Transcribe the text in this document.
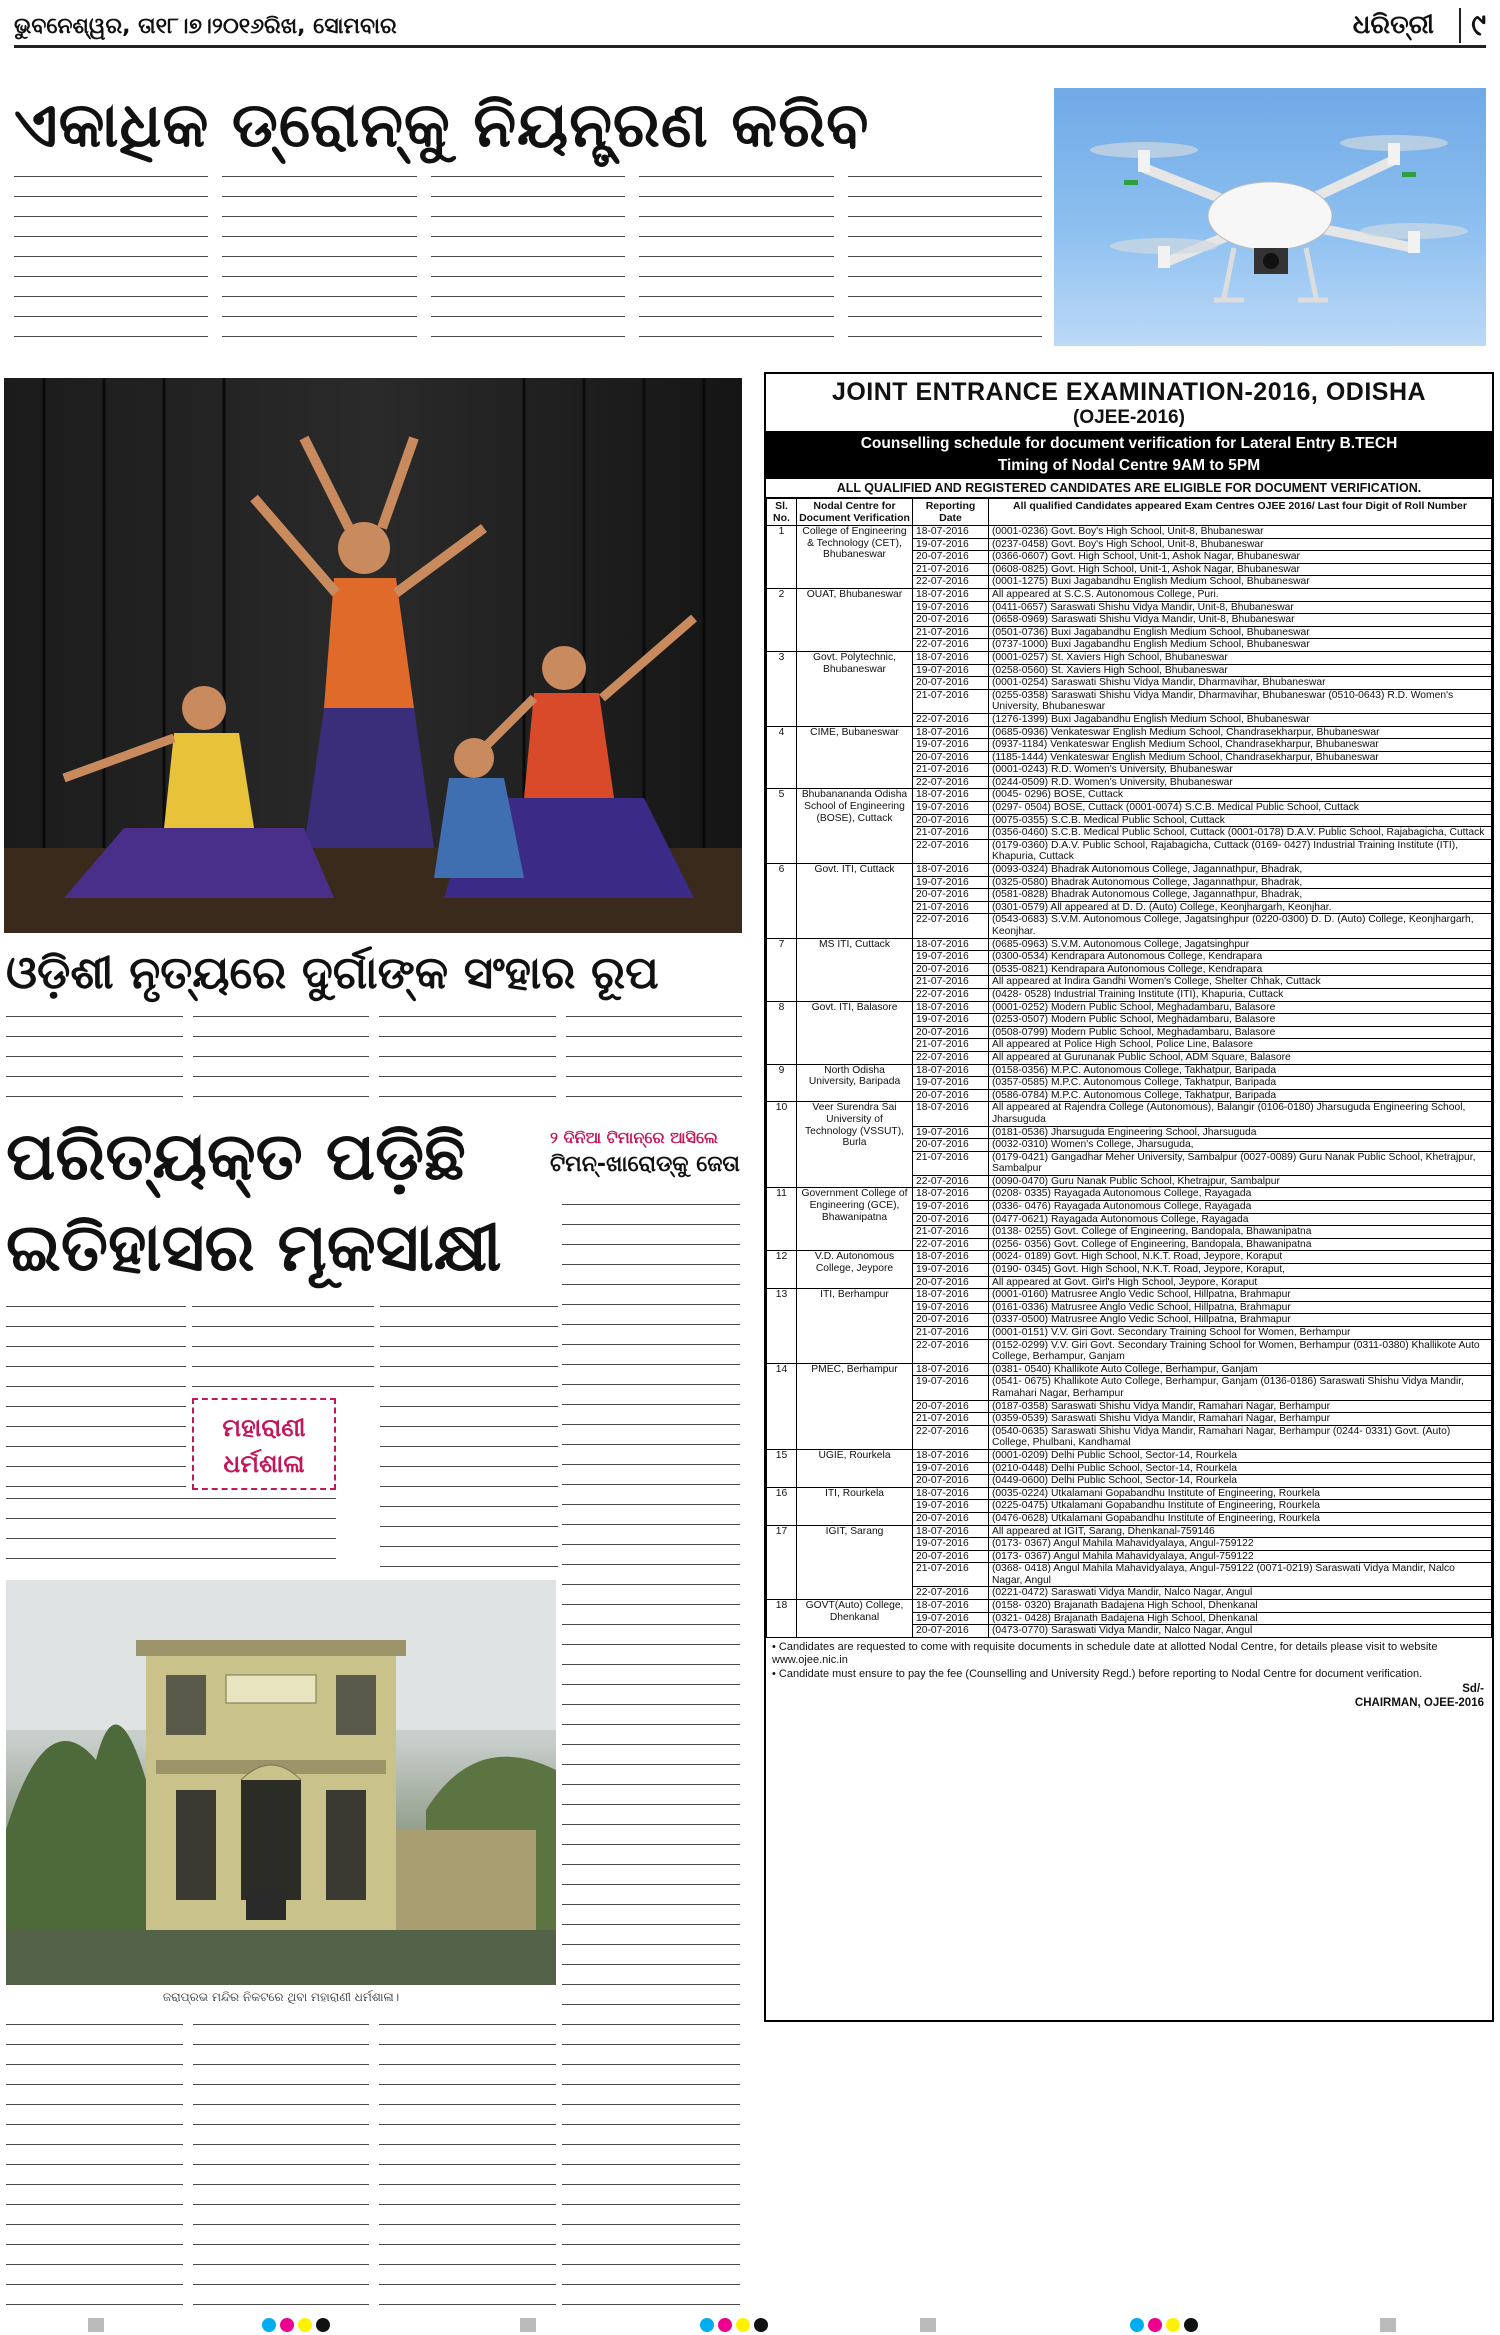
ଭୁବନେଶ୍ୱର, ତା୧୮।୭।୨୦୧୬ରିଖ, ସୋମବାର	ଧରିତ୍ରୀ	୯
ଏକାଧିକ ଡ୍ରୋନ୍‌କୁ ନିୟନ୍ତ୍ରଣ କରିବ
ଓଡ଼ିଶୀ ନୃତ୍ୟରେ ଦୁର୍ଗାଙ୍କ ସଂହାର ରୂପ
ପରିତ୍ୟକ୍ତ ପଡ଼ିଛି
ଇତିହାସର ମୂକସାକ୍ଷୀ
୨ ଦିନିଆ ଟିମାନ୍‌ରେ ଆସିଲେ
ଟିମନ୍‌-ଖାରୋଡ୍‌କୁ ଜେତା
ମହାରାଣୀ
ଧର୍ମଶାଳା
ଜରାପ୍ରଭ ମନ୍ଦିର ନିକଟରେ ଥିବା ମହାରାଣୀ ଧର୍ମଶାଳା।
JOINT ENTRANCE EXAMINATION-2016, ODISHA
(OJEE-2016)
Counselling schedule for document verification for Lateral Entry B.TECH
Timing of Nodal Centre 9AM to 5PM
ALL QUALIFIED AND REGISTERED CANDIDATES ARE ELIGIBLE FOR DOCUMENT VERIFICATION.
Sl. No.	Nodal Centre for Document Verification	Reporting Date	All qualified Candidates appeared Exam Centres OJEE 2016/ Last four Digit of Roll Number
1	College of Engineering & Technology (CET), Bhubaneswar	18-07-2016	(0001-0236) Govt. Boy's High School, Unit-8, Bhubaneswar
		19-07-2016	(0237-0458) Govt. Boy's High School, Unit-8, Bhubaneswar
		20-07-2016	(0366-0607) Govt. High School, Unit-1, Ashok Nagar, Bhubaneswar
		21-07-2016	(0608-0825) Govt. High School, Unit-1, Ashok Nagar, Bhubaneswar
		22-07-2016	(0001-1275) Buxi Jagabandhu English Medium School, Bhubaneswar
2	OUAT, Bhubaneswar	18-07-2016	All appeared at S.C.S. Autonomous College, Puri.
		19-07-2016	(0411-0657) Saraswati Shishu Vidya Mandir, Unit-8, Bhubaneswar
		20-07-2016	(0658-0969) Saraswati Shishu Vidya Mandir, Unit-8, Bhubaneswar
		21-07-2016	(0501-0736) Buxi Jagabandhu English Medium School, Bhubaneswar
		22-07-2016	(0737-1000) Buxi Jagabandhu English Medium School, Bhubaneswar
3	Govt. Polytechnic, Bhubaneswar	18-07-2016	(0001-0257) St. Xaviers High School, Bhubaneswar
		19-07-2016	(0258-0560) St. Xaviers High School, Bhubaneswar
		20-07-2016	(0001-0254) Saraswati Shishu Vidya Mandir, Dharmavihar, Bhubaneswar
		21-07-2016	(0255-0358) Saraswati Shishu Vidya Mandir, Dharmavihar, Bhubaneswar (0510-0643) R.D. Women's University, Bhubaneswar
		22-07-2016	(1276-1399) Buxi Jagabandhu English Medium School, Bhubaneswar
4	CIME, Bubaneswar	18-07-2016	(0685-0936) Venkateswar English Medium School, Chandrasekharpur, Bhubaneswar
		19-07-2016	(0937-1184) Venkateswar English Medium School, Chandrasekharpur, Bhubaneswar
		20-07-2016	(1185-1444) Venkateswar English Medium School, Chandrasekharpur, Bhubaneswar
		21-07-2016	(0001-0243) R.D. Women's University, Bhubaneswar
		22-07-2016	(0244-0509) R.D. Women's University, Bhubaneswar
5	Bhubanananda Odisha School of Engineering (BOSE), Cuttack	18-07-2016	(0045- 0296) BOSE, Cuttack
		19-07-2016	(0297- 0504) BOSE, Cuttack (0001-0074) S.C.B. Medical Public School, Cuttack
		20-07-2016	(0075-0355) S.C.B. Medical Public School, Cuttack
		21-07-2016	(0356-0460) S.C.B. Medical Public School, Cuttack (0001-0178) D.A.V. Public School, Rajabagicha, Cuttack
		22-07-2016	(0179-0360) D.A.V. Public School, Rajabagicha, Cuttack (0169- 0427) Industrial Training Institute (ITI), Khapuria, Cuttack
6	Govt. ITI, Cuttack	18-07-2016	(0093-0324) Bhadrak Autonomous College, Jagannathpur, Bhadrak,
		19-07-2016	(0325-0580) Bhadrak Autonomous College, Jagannathpur, Bhadrak,
		20-07-2016	(0581-0828) Bhadrak Autonomous College, Jagannathpur, Bhadrak,
		21-07-2016	(0301-0579) All appeared at D. D. (Auto) College, Keonjhargarh, Keonjhar.
		22-07-2016	(0543-0683) S.V.M. Autonomous College, Jagatsinghpur (0220-0300) D. D. (Auto) College, Keonjhargarh, Keonjhar.
7	MS ITI, Cuttack	18-07-2016	(0685-0963) S.V.M. Autonomous College, Jagatsinghpur
		19-07-2016	(0300-0534) Kendrapara Autonomous College, Kendrapara
		20-07-2016	(0535-0821) Kendrapara Autonomous College, Kendrapara
		21-07-2016	All appeared at Indira Gandhi Women's College, Shelter Chhak, Cuttack
		22-07-2016	(0428- 0528) Industrial Training Institute (ITI), Khapuria, Cuttack
8	Govt. ITI, Balasore	18-07-2016	(0001-0252) Modern Public School, Meghadambaru, Balasore
		19-07-2016	(0253-0507) Modern Public School, Meghadambaru, Balasore
		20-07-2016	(0508-0799) Modern Public School, Meghadambaru, Balasore
		21-07-2016	All appeared at Police High School, Police Line, Balasore
		22-07-2016	All appeared at Gurunanak Public School, ADM Square, Balasore
9	North Odisha University, Baripada	18-07-2016	(0158-0356) M.P.C. Autonomous College, Takhatpur, Baripada
		19-07-2016	(0357-0585) M.P.C. Autonomous College, Takhatpur, Baripada
		20-07-2016	(0586-0784) M.P.C. Autonomous College, Takhatpur, Baripada
10	Veer Surendra Sai University of Technology (VSSUT), Burla	18-07-2016	All appeared at Rajendra College (Autonomous), Balangir (0106-0180) Jharsuguda Engineering School, Jharsuguda
		19-07-2016	(0181-0536) Jharsuguda Engineering School, Jharsuguda
		20-07-2016	(0032-0310) Women's College, Jharsuguda,
		21-07-2016	(0179-0421) Gangadhar Meher University, Sambalpur (0027-0089) Guru Nanak Public School, Khetrajpur, Sambalpur
		22-07-2016	(0090-0470) Guru Nanak Public School, Khetrajpur, Sambalpur
11	Government College of Engineering (GCE), Bhawanipatna	18-07-2016	(0208- 0335) Rayagada Autonomous College, Rayagada
		19-07-2016	(0336- 0476) Rayagada Autonomous College, Rayagada
		20-07-2016	(0477-0621) Rayagada Autonomous College, Rayagada
		21-07-2016	(0138- 0255) Govt. College of Engineering, Bandopala, Bhawanipatna
		22-07-2016	(0256- 0356) Govt. College of Engineering, Bandopala, Bhawanipatna
12	V.D. Autonomous College, Jeypore	18-07-2016	(0024- 0189) Govt. High School, N.K.T. Road, Jeypore, Koraput
		19-07-2016	(0190- 0345) Govt. High School, N.K.T. Road, Jeypore, Koraput,
		20-07-2016	All appeared at Govt. Girl's High School, Jeypore, Koraput
13	ITI, Berhampur	18-07-2016	(0001-0160) Matrusree Anglo Vedic School, Hillpatna, Brahmapur
		19-07-2016	(0161-0336) Matrusree Anglo Vedic School, Hillpatna, Brahmapur
		20-07-2016	(0337-0500) Matrusree Anglo Vedic School, Hillpatna, Brahmapur
		21-07-2016	(0001-0151) V.V. Giri Govt. Secondary Training School for Women, Berhampur
		22-07-2016	(0152-0299) V.V. Giri Govt. Secondary Training School for Women, Berhampur (0311-0380) Khallikote Auto College, Berhampur, Ganjam
14	PMEC, Berhampur	18-07-2016	(0381- 0540) Khallikote Auto College, Berhampur, Ganjam
		19-07-2016	(0541- 0675) Khallikote Auto College, Berhampur, Ganjam (0136-0186) Saraswati Shishu Vidya Mandir, Ramahari Nagar, Berhampur
		20-07-2016	(0187-0358) Saraswati Shishu Vidya Mandir, Ramahari Nagar, Berhampur
		21-07-2016	(0359-0539) Saraswati Shishu Vidya Mandir, Ramahari Nagar, Berhampur
		22-07-2016	(0540-0635) Saraswati Shishu Vidya Mandir, Ramahari Nagar, Berhampur (0244- 0331) Govt. (Auto) College, Phulbani, Kandhamal
15	UGIE, Rourkela	18-07-2016	(0001-0209) Delhi Public School, Sector-14, Rourkela
		19-07-2016	(0210-0448) Delhi Public School, Sector-14, Rourkela
		20-07-2016	(0449-0600) Delhi Public School, Sector-14, Rourkela
16	ITI, Rourkela	18-07-2016	(0035-0224) Utkalamani Gopabandhu Institute of Engineering, Rourkela
		19-07-2016	(0225-0475) Utkalamani Gopabandhu Institute of Engineering, Rourkela
		20-07-2016	(0476-0628) Utkalamani Gopabandhu Institute of Engineering, Rourkela
17	IGIT, Sarang	18-07-2016	All appeared at IGIT, Sarang, Dhenkanal-759146
		19-07-2016	(0173- 0367) Angul Mahila Mahavidyalaya, Angul-759122
		20-07-2016	(0173- 0367) Angul Mahila Mahavidyalaya, Angul-759122
		21-07-2016	(0368- 0418) Angul Mahila Mahavidyalaya, Angul-759122 (0071-0219) Saraswati Vidya Mandir, Nalco Nagar, Angul
		22-07-2016	(0221-0472) Saraswati Vidya Mandir, Nalco Nagar, Angul
18	GOVT(Auto) College, Dhenkanal	18-07-2016	(0158- 0320) Brajanath Badajena High School, Dhenkanal
		19-07-2016	(0321- 0428) Brajanath Badajena High School, Dhenkanal
		20-07-2016	(0473-0770) Saraswati Vidya Mandir, Nalco Nagar, Angul

• Candidates are requested to come with requisite documents in schedule date at allotted Nodal Centre, for details please visit to website www.ojee.nic.in

• Candidate must ensure to pay the fee (Counselling and University Regd.) before reporting to Nodal Centre for document verification.

Sd/-
CHAIRMAN, OJEE-2016
